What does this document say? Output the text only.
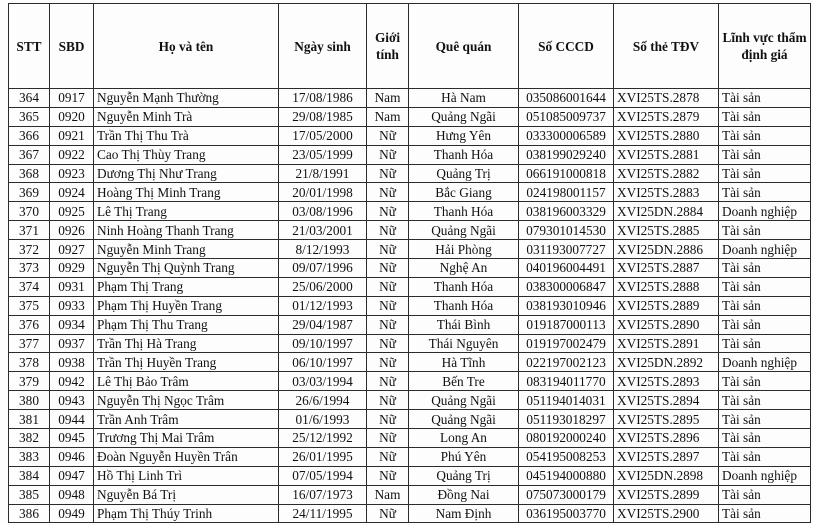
STT	SBD	Họ và tên	Ngày sinh	Giới tính	Quê quán	Số CCCD	Số thẻ TĐV	Lĩnh vực thẩm định giá
364	0917	Nguyễn Mạnh Thường	17/08/1986	Nam	Hà Nam	035086001644	XVI25TS.2878	Tài sản
365	0920	Nguyễn Minh Trà	29/08/1985	Nam	Quảng Ngãi	051085009737	XVI25TS.2879	Tài sản
366	0921	Trần Thị Thu Trà	17/05/2000	Nữ	Hưng Yên	033300006589	XVI25TS.2880	Tài sản
367	0922	Cao Thị Thùy Trang	23/05/1999	Nữ	Thanh Hóa	038199029240	XVI25TS.2881	Tài sản
368	0923	Dương Thị Như Trang	21/8/1991	Nữ	Quảng Trị	066191000818	XVI25TS.2882	Tài sản
369	0924	Hoàng Thị Minh Trang	20/01/1998	Nữ	Bắc Giang	024198001157	XVI25TS.2883	Tài sản
370	0925	Lê Thị Trang	03/08/1996	Nữ	Thanh Hóa	038196003329	XVI25DN.2884	Doanh nghiệp
371	0926	Ninh Hoàng Thanh Trang	21/03/2001	Nữ	Quảng Ngãi	079301014530	XVI25TS.2885	Tài sản
372	0927	Nguyễn Minh Trang	8/12/1993	Nữ	Hải Phòng	031193007727	XVI25DN.2886	Doanh nghiệp
373	0929	Nguyễn Thị Quỳnh Trang	09/07/1996	Nữ	Nghệ An	040196004491	XVI25TS.2887	Tài sản
374	0931	Phạm Thị Trang	25/06/2000	Nữ	Thanh Hóa	038300006847	XVI25TS.2888	Tài sản
375	0933	Phạm Thị Huyền Trang	01/12/1993	Nữ	Thanh Hóa	038193010946	XVI25TS.2889	Tài sản
376	0934	Phạm Thị Thu Trang	29/04/1987	Nữ	Thái Bình	019187000113	XVI25TS.2890	Tài sản
377	0937	Trần Thị Hà Trang	09/10/1997	Nữ	Thái Nguyên	019197002479	XVI25TS.2891	Tài sản
378	0938	Trần Thị Huyền Trang	06/10/1997	Nữ	Hà Tĩnh	022197002123	XVI25DN.2892	Doanh nghiệp
379	0942	Lê Thị Bảo Trâm	03/03/1994	Nữ	Bến Tre	083194011770	XVI25TS.2893	Tài sản
380	0943	Nguyễn Thị Ngọc Trâm	26/6/1994	Nữ	Quảng Ngãi	051194014031	XVI25TS.2894	Tài sản
381	0944	Trần Anh Trâm	01/6/1993	Nữ	Quảng Ngãi	051193018297	XVI25TS.2895	Tài sản
382	0945	Trương Thị Mai Trâm	25/12/1992	Nữ	Long An	080192000240	XVI25TS.2896	Tài sản
383	0946	Đoàn Nguyễn Huyền Trân	26/01/1995	Nữ	Phú Yên	054195008253	XVI25TS.2897	Tài sản
384	0947	Hồ Thị Linh Trì	07/05/1994	Nữ	Quảng Trị	045194000880	XVI25DN.2898	Doanh nghiệp
385	0948	Nguyễn Bá Trị	16/07/1973	Nam	Đồng Nai	075073000179	XVI25TS.2899	Tài sản
386	0949	Phạm Thị Thúy Trinh	24/11/1995	Nữ	Nam Định	036195003770	XVI25TS.2900	Tài sản
